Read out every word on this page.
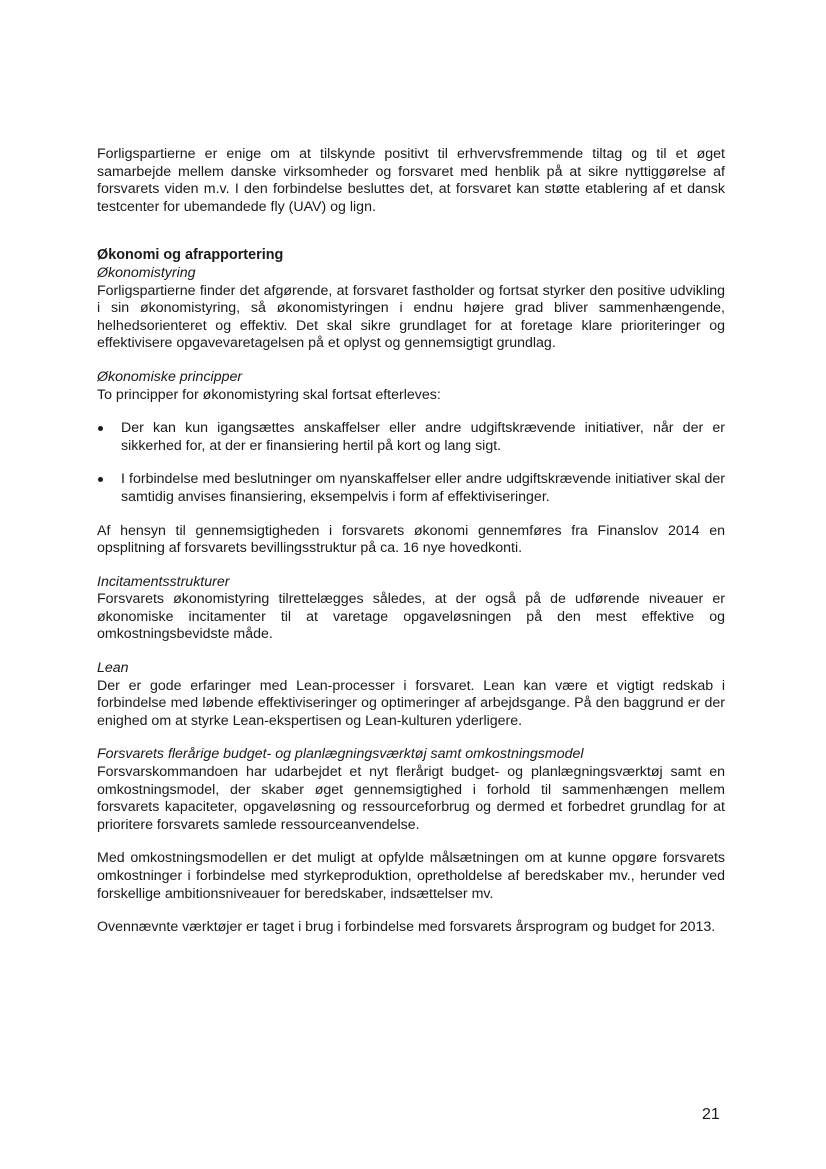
Forligspartierne er enige om at tilskynde positivt til erhvervsfremmende tiltag og til et øget samarbejde mellem danske virksomheder og forsvaret med henblik på at sikre nyttiggørelse af forsvarets viden m.v. I den forbindelse besluttes det, at forsvaret kan støtte etablering af et dansk testcenter for ubemandede fly (UAV) og lign.

Økonomi og afrapportering

Økonomistyring

Forligspartierne finder det afgørende, at forsvaret fastholder og fortsat styrker den positive udvikling i sin økonomistyring, så økonomistyringen i endnu højere grad bliver sammenhængende, helhedsorienteret og effektiv. Det skal sikre grundlaget for at foretage klare prioriteringer og effektivisere opgavevaretagelsen på et oplyst og gennemsigtigt grundlag.

Økonomiske principper

To principper for økonomistyring skal fortsat efterleves:

Der kan kun igangsættes anskaffelser eller andre udgiftskrævende initiativer, når der er sikkerhed for, at der er finansiering hertil på kort og lang sigt.
I forbindelse med beslutninger om nyanskaffelser eller andre udgiftskrævende initiativer skal der samtidig anvises finansiering, eksempelvis i form af effektiviseringer.

Af hensyn til gennemsigtigheden i forsvarets økonomi gennemføres fra Finanslov 2014 en opsplitning af forsvarets bevillingsstruktur på ca. 16 nye hovedkonti.

Incitamentsstrukturer

Forsvarets økonomistyring tilrettelægges således, at der også på de udførende niveauer er økonomiske incitamenter til at varetage opgaveløsningen på den mest effektive og omkostningsbevidste måde.

Lean

Der er gode erfaringer med Lean-processer i forsvaret. Lean kan være et vigtigt redskab i forbindelse med løbende effektiviseringer og optimeringer af arbejdsgange. På den baggrund er der enighed om at styrke Lean-ekspertisen og Lean-kulturen yderligere.

Forsvarets flerårige budget- og planlægningsværktøj samt omkostningsmodel

Forsvarskommandoen har udarbejdet et nyt flerårigt budget- og planlægningsværktøj samt en omkostningsmodel, der skaber øget gennemsigtighed i forhold til sammenhængen mellem forsvarets kapaciteter, opgaveløsning og ressourceforbrug og dermed et forbedret grundlag for at prioritere forsvarets samlede ressourceanvendelse.

Med omkostningsmodellen er det muligt at opfylde målsætningen om at kunne opgøre forsvarets omkostninger i forbindelse med styrkeproduktion, opretholdelse af beredskaber mv., herunder ved forskellige ambitionsniveauer for beredskaber, indsættelser mv.

Ovennævnte værktøjer er taget i brug i forbindelse med forsvarets årsprogram og budget for 2013.

21
